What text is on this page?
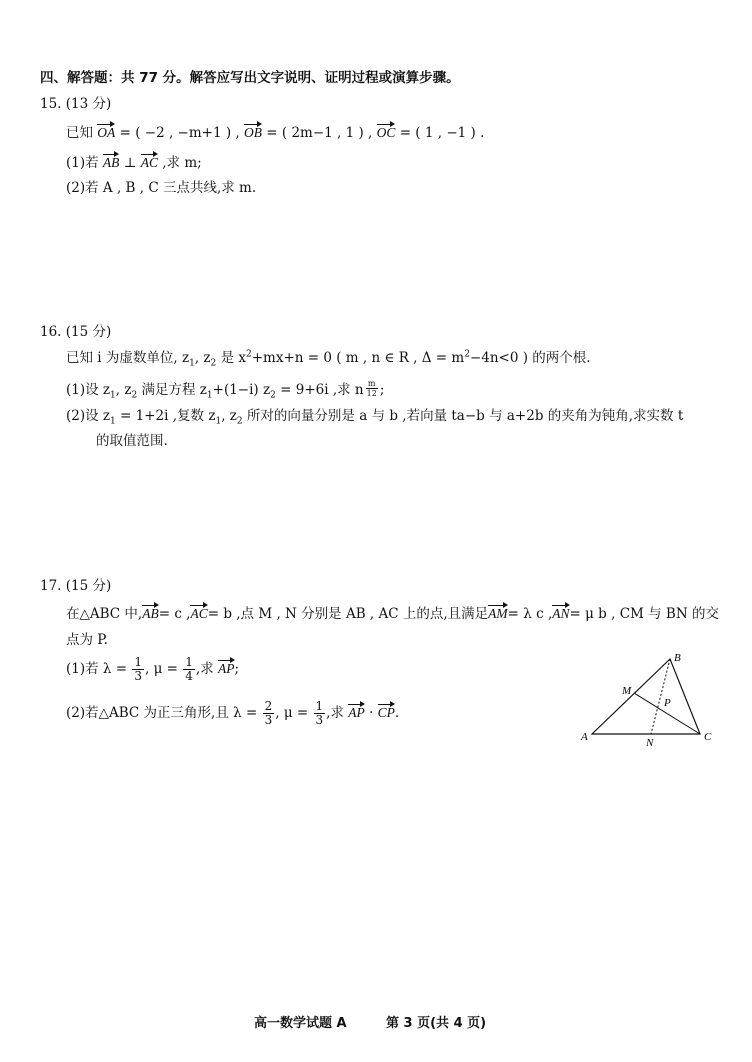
四、解答题：共 77 分。解答应写出文字说明、证明过程或演算步骤。
15. (13 分)
已知 OA = ( −2 , −m+1 ) , OB = ( 2m−1 , 1 ) , OC = ( 1 , −1 ) .
(1)若 AB ⊥ AC ,求 m;
(2)若 A , B , C 三点共线,求 m.
16. (15 分)
已知 i 为虚数单位, $z_1$, $z_2$ 是 $x^2+mx+n = 0$ ( m , n ∈ R , $\Delta = m^2-4n<0$ ) 的两个根.
(1)设 $z_1$, $z_2$ 满足方程 $z_1+(1-i) z_2 = 9+6i$ ,求 n $\frac{m}{12}$ ;
(2)设 $z_1 = 1+2i$ ,复数 $z_1$, $z_2$ 所对的向量分别是 a 与 b ,若向量 ta−b 与 a+2b 的夹角为钝角,求实数 t
的取值范围.
17. (15 分)
在△ABC 中,AB= c ,AC= b ,点 M , N 分别是 AB , AC 上的点,且满足AM= λ c ,AN= μ b , CM 与 BN 的交
点为 P.
(1)若 $\lambda = \frac{1}{3}$ , $\mu = \frac{1}{4}$ ,求 AP;
(2)若△ABC 为正三角形,且 $\lambda = \frac{2}{3}$ , $\mu = \frac{1}{3}$ ,求 AP · CP.
A
B
C
M
N
P
高一数学试题 A	第 3 页(共 4 页)
